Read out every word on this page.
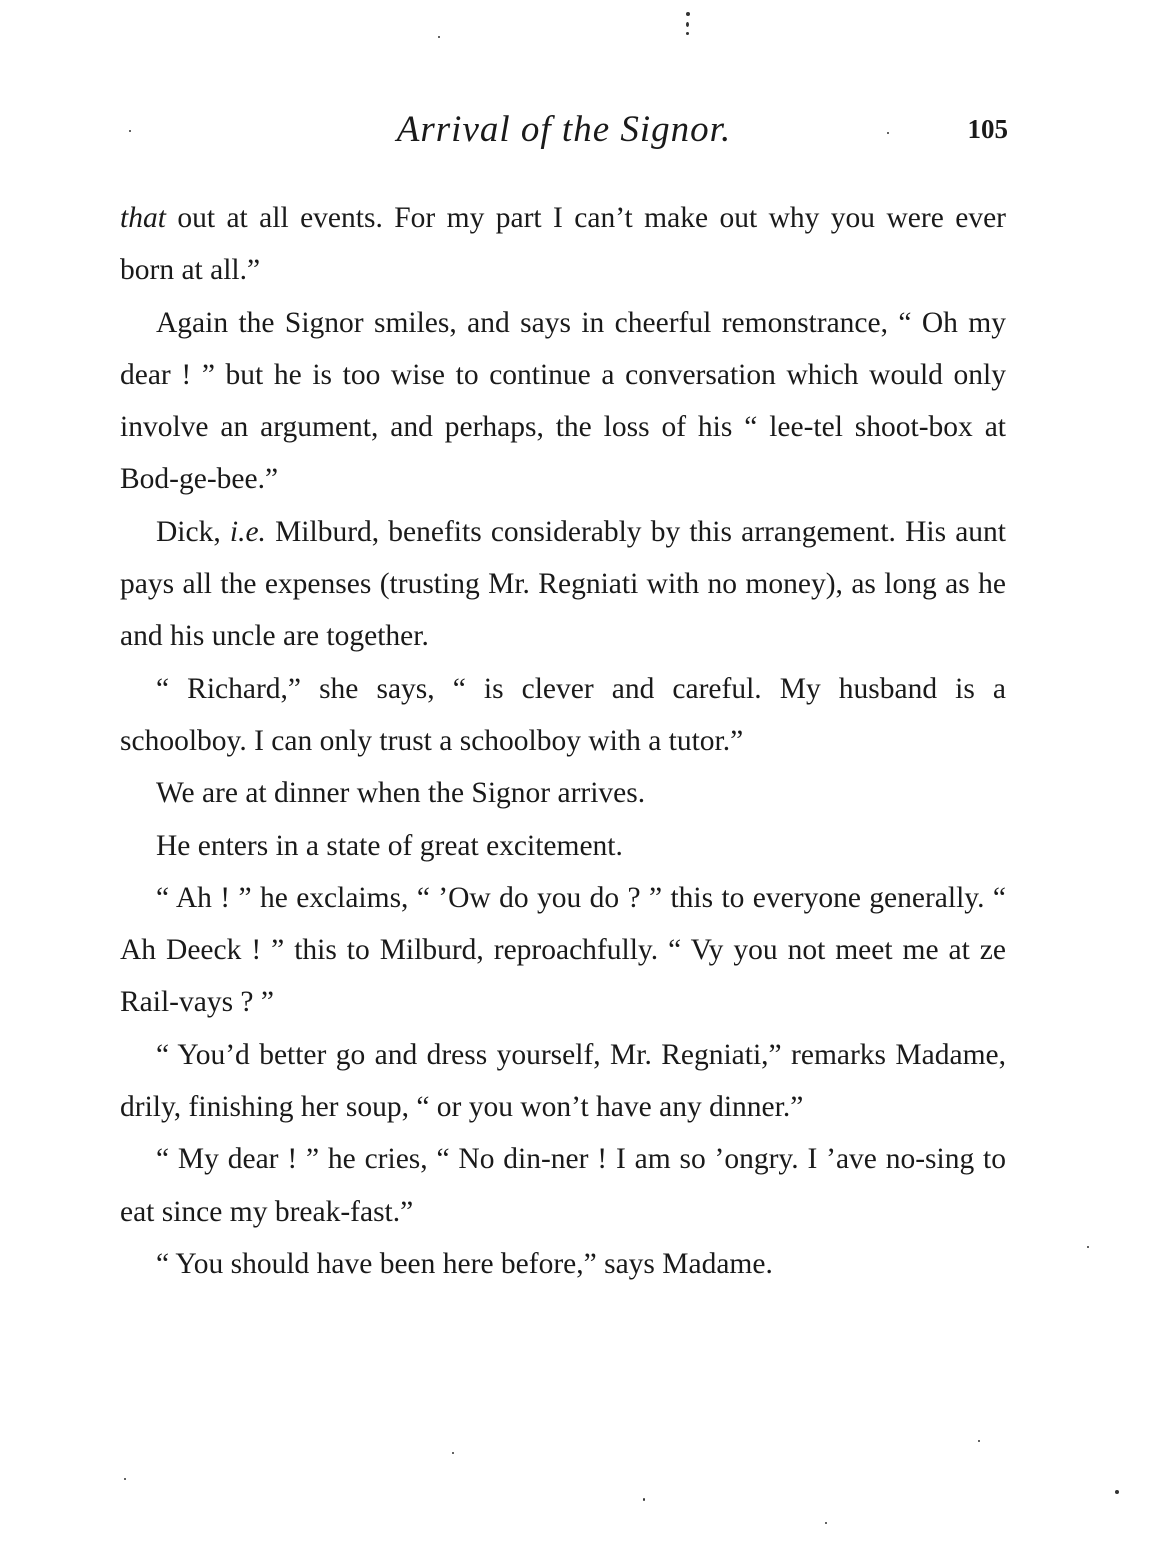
Arrival of the Signor.	105

that out at all events. For my part I can’t make out why you were ever born at all.”

Again the Signor smiles, and says in cheerful remonstrance, “ Oh my dear ! ” but he is too wise to continue a conversation which would only involve an argument, and perhaps, the loss of his “ lee-tel shoot-box at Bod-ge-bee.”

Dick, i.e. Milburd, benefits considerably by this arrangement. His aunt pays all the expenses (trusting Mr. Regniati with no money), as long as he and his uncle are together.

“ Richard,” she says, “ is clever and careful. My husband is a schoolboy. I can only trust a schoolboy with a tutor.”

We are at dinner when the Signor arrives.

He enters in a state of great excitement.

“ Ah ! ” he exclaims, “ ’Ow do you do ? ” this to everyone generally. “ Ah Deeck ! ” this to Milburd, reproachfully. “ Vy you not meet me at ze Rail-vays ? ”

“ You’d better go and dress yourself, Mr. Regniati,” remarks Madame, drily, finishing her soup, “ or you won’t have any dinner.”

“ My dear ! ” he cries, “ No din-ner ! I am so ’ongry. I ’ave no-sing to eat since my break-fast.”

“ You should have been here before,” says Madame.
